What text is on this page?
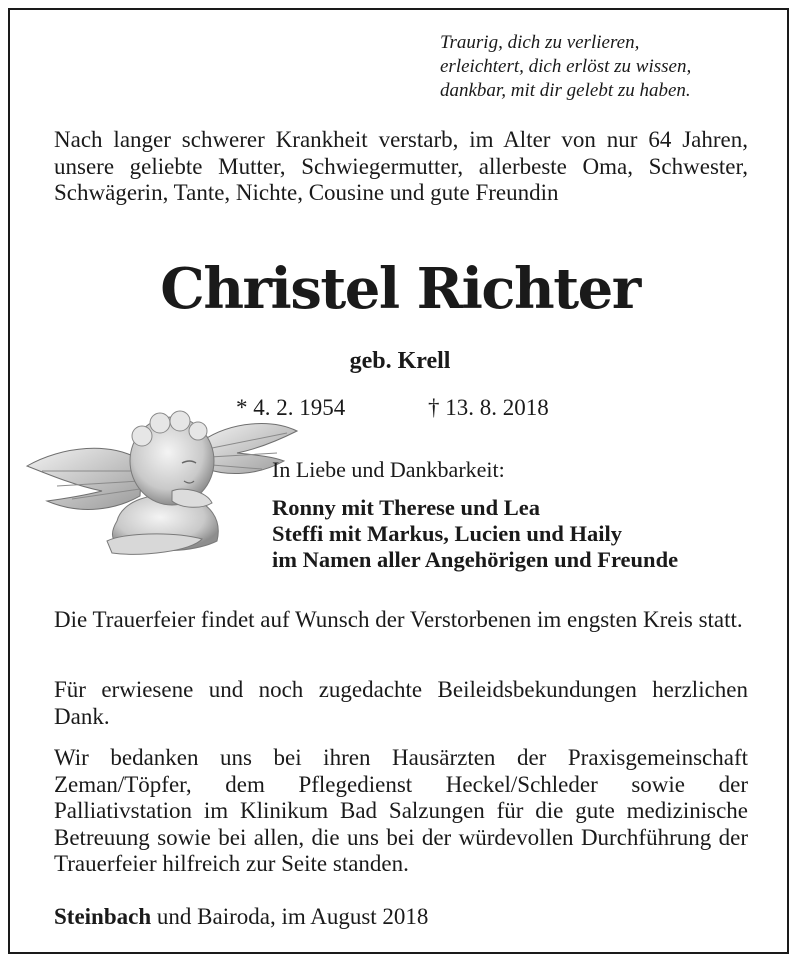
Traurig, dich zu verlieren,
erleichtert, dich erlöst zu wissen,
dankbar, mit dir gelebt zu haben.
Nach langer schwerer Krankheit verstarb, im Alter von nur 64 Jahren, unsere geliebte Mutter, Schwiegermutter, allerbeste Oma, Schwester, Schwägerin, Tante, Nichte, Cousine und gute Freundin
Christel Richter
geb. Krell
* 4. 2. 1954	† 13. 8. 2018
In Liebe und Dankbarkeit:
Ronny mit Therese und Lea
Steffi mit Markus, Lucien und Haily
im Namen aller Angehörigen und Freunde
Die Trauerfeier findet auf Wunsch der Verstorbenen im engsten Kreis statt.
Für erwiesene und noch zugedachte Beileidsbekundungen herzlichen Dank.
Wir bedanken uns bei ihren Hausärzten der Praxisgemeinschaft Zeman/Töpfer, dem Pflegedienst Heckel/Schleder sowie der Palliativstation im Klinikum Bad Salzungen für die gute medizinische Betreuung sowie bei allen, die uns bei der würdevollen Durchführung der Trauerfeier hilfreich zur Seite standen.
Steinbach und Bairoda, im August 2018
